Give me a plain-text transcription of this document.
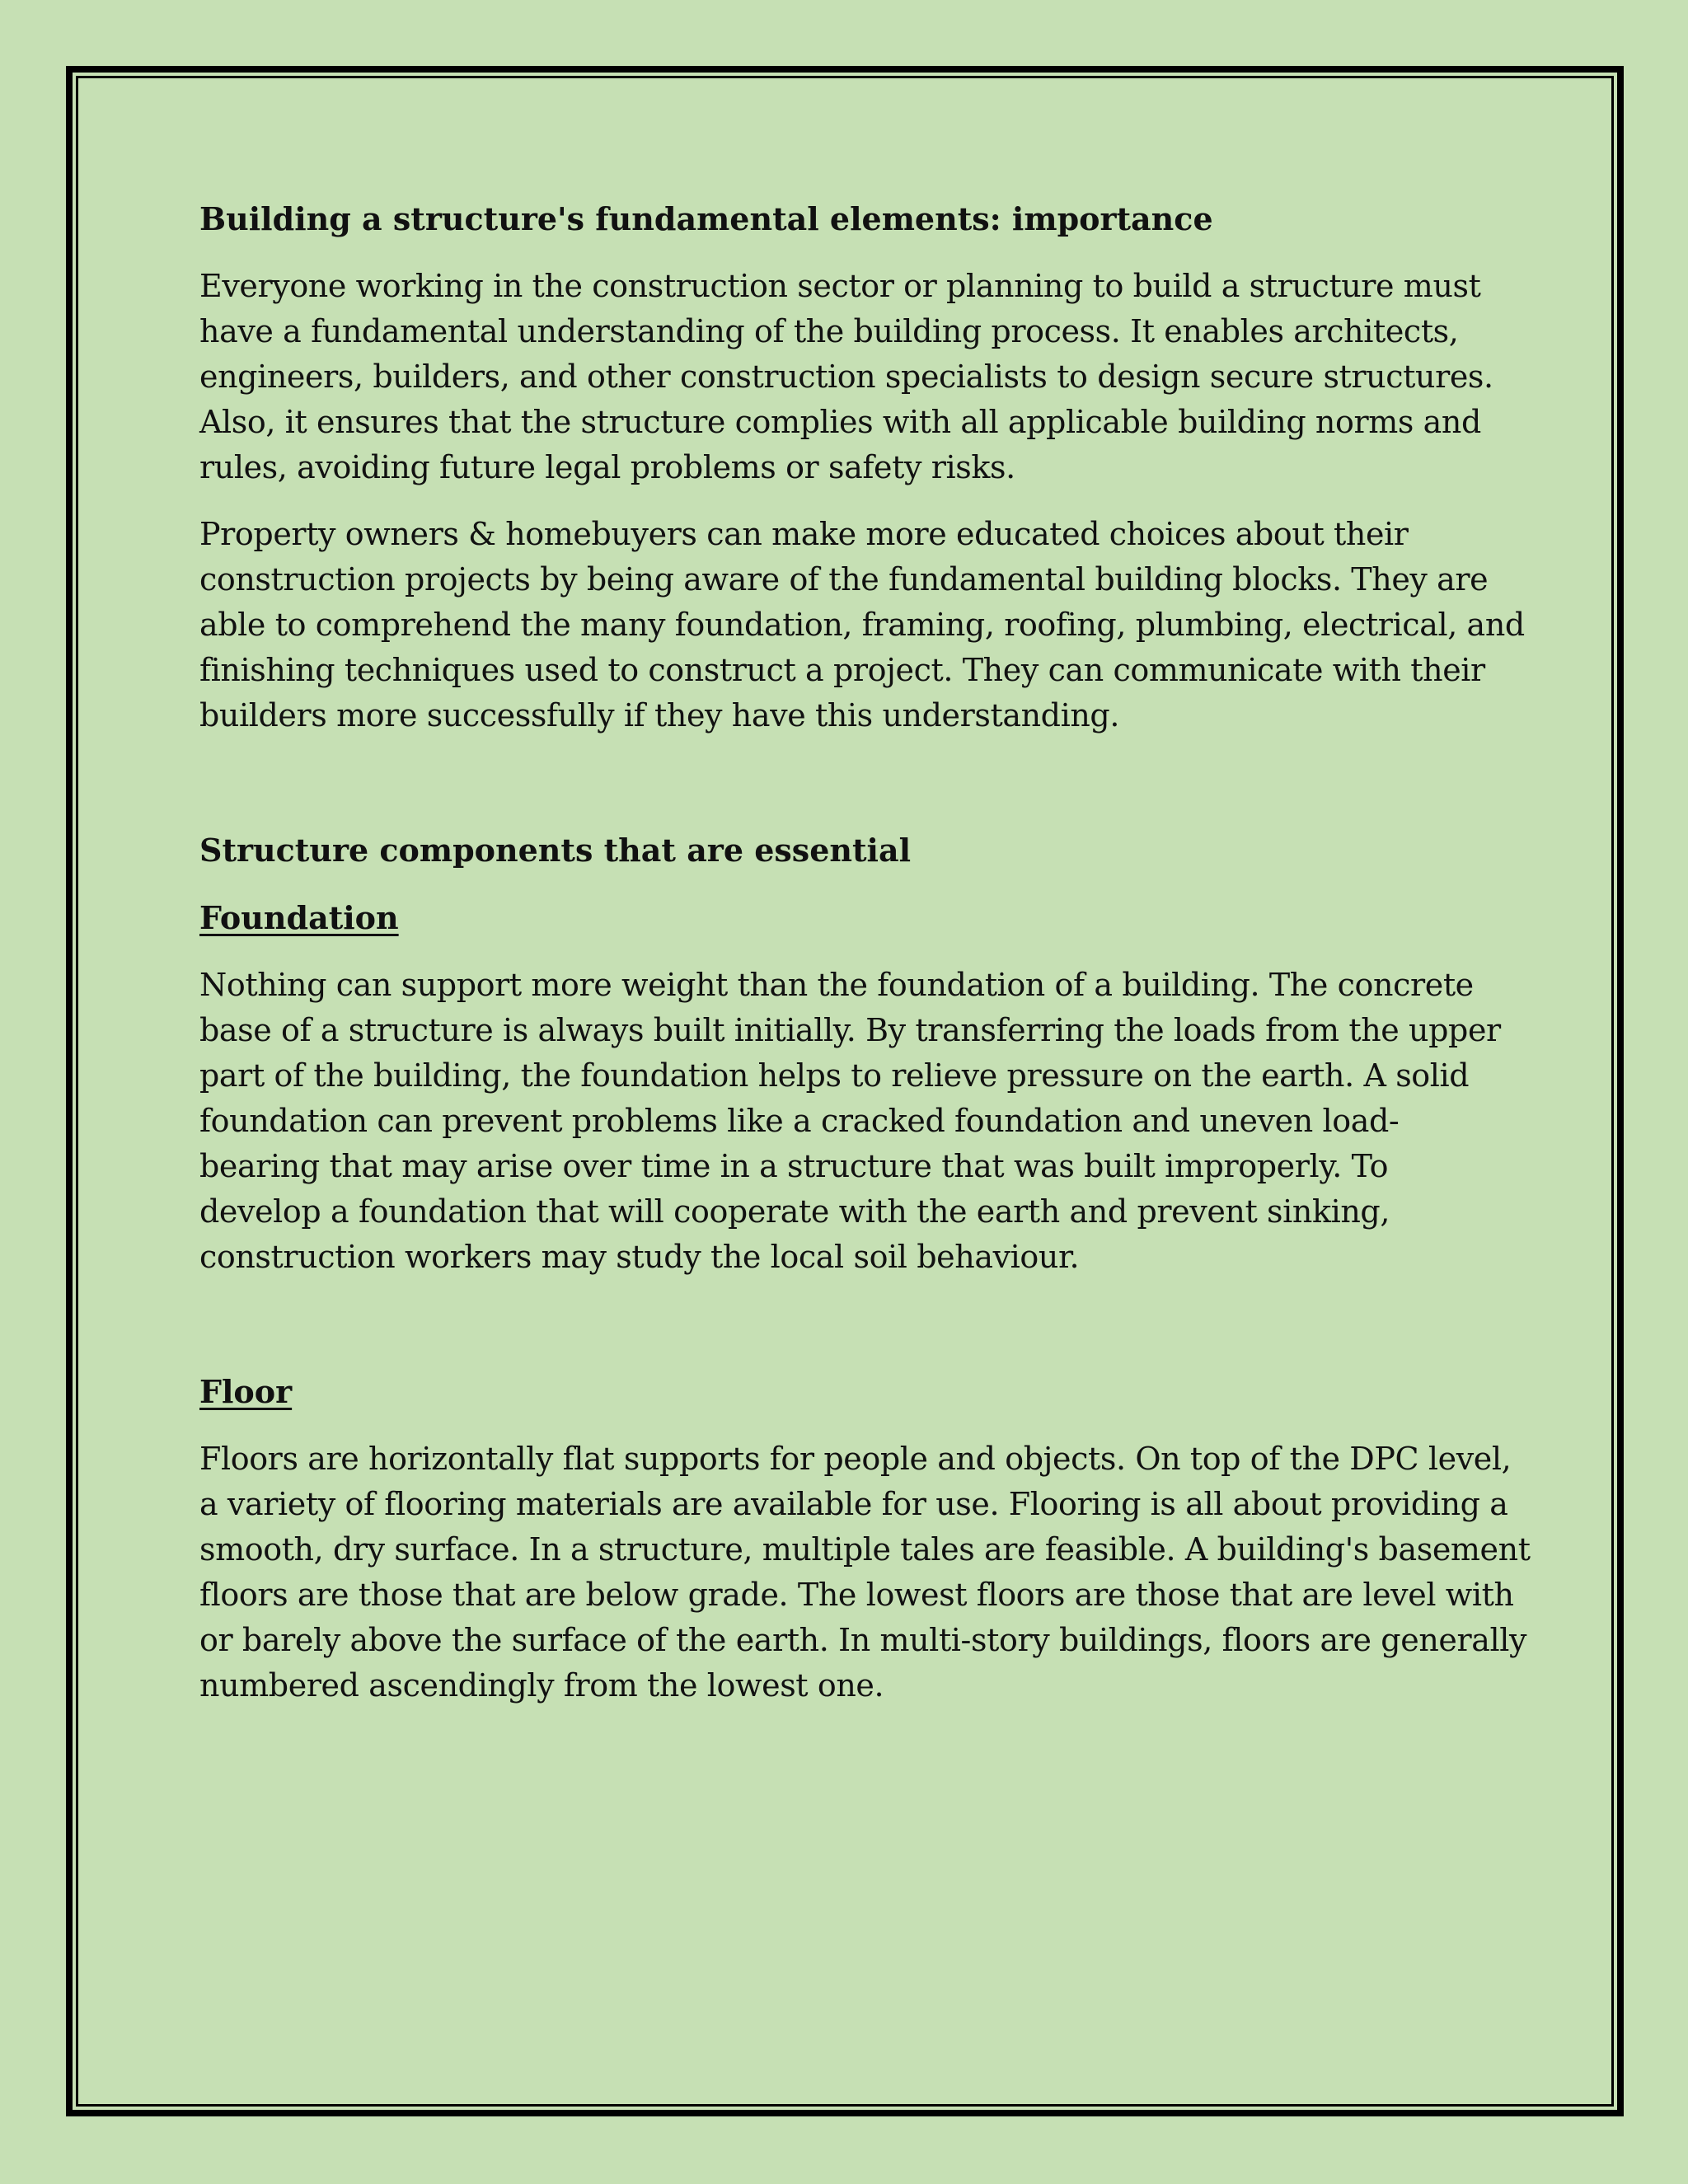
Building a structure's fundamental elements: importance
Everyone working in the construction sector or planning to build a structure must
have a fundamental understanding of the building process. It enables architects,
engineers, builders, and other construction specialists to design secure structures.
Also, it ensures that the structure complies with all applicable building norms and
rules, avoiding future legal problems or safety risks.
Property owners & homebuyers can make more educated choices about their
construction projects by being aware of the fundamental building blocks. They are
able to comprehend the many foundation, framing, roofing, plumbing, electrical, and
finishing techniques used to construct a project. They can communicate with their
builders more successfully if they have this understanding.
Structure components that are essential
Foundation
Nothing can support more weight than the foundation of a building. The concrete
base of a structure is always built initially. By transferring the loads from the upper
part of the building, the foundation helps to relieve pressure on the earth. A solid
foundation can prevent problems like a cracked foundation and uneven load-
bearing that may arise over time in a structure that was built improperly. To
develop a foundation that will cooperate with the earth and prevent sinking,
construction workers may study the local soil behaviour.
Floor
Floors are horizontally flat supports for people and objects. On top of the DPC level,
a variety of flooring materials are available for use. Flooring is all about providing a
smooth, dry surface. In a structure, multiple tales are feasible. A building's basement
floors are those that are below grade. The lowest floors are those that are level with
or barely above the surface of the earth. In multi-story buildings, floors are generally
numbered ascendingly from the lowest one.
